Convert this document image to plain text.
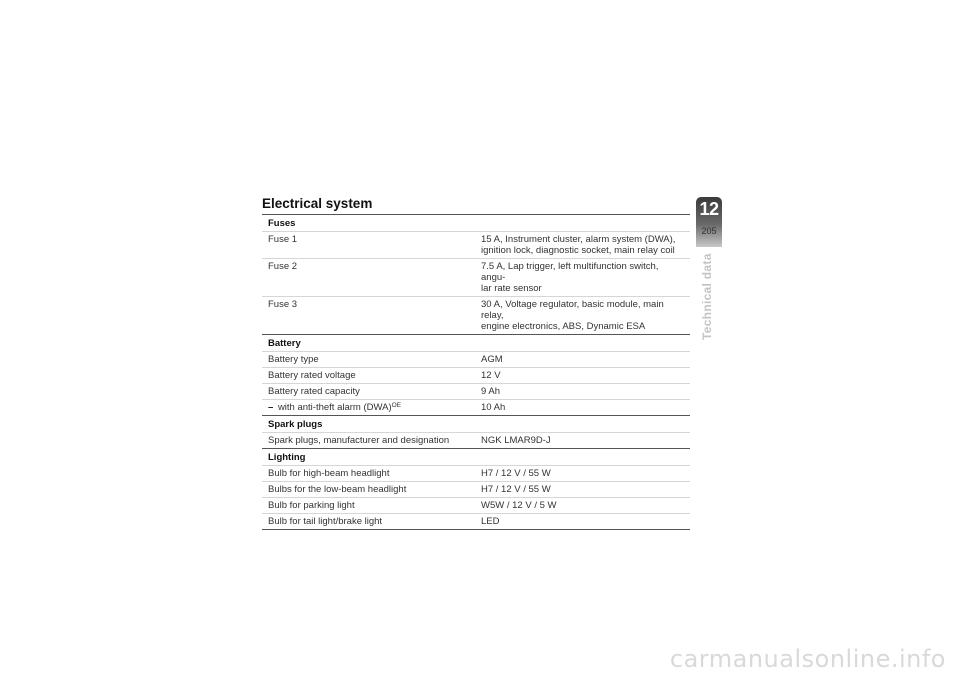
Electrical system
Fuses	
Fuse 1	15 A, Instrument cluster, alarm system (DWA),
ignition lock, diagnostic socket, main relay coil
Fuse 2	7.5 A, Lap trigger, left multifunction switch, angu-
lar rate sensor
Fuse 3	30 A, Voltage regulator, basic module, main relay,
engine electronics, ABS, Dynamic ESA
Battery	
Battery type	AGM
Battery rated voltage	12 V
Battery rated capacity	9 Ah
– with anti-theft alarm (DWA)$^{OE}$	10 Ah
Spark plugs	
Spark plugs, manufacturer and designation	NGK LMAR9D-J
Lighting	
Bulb for high-beam headlight	H7 / 12 V / 55 W
Bulbs for the low-beam headlight	H7 / 12 V / 55 W
Bulb for parking light	W5W / 12 V / 5 W
Bulb for tail light/brake light	LED
12
205
Technical data
carmanualsonline.info
